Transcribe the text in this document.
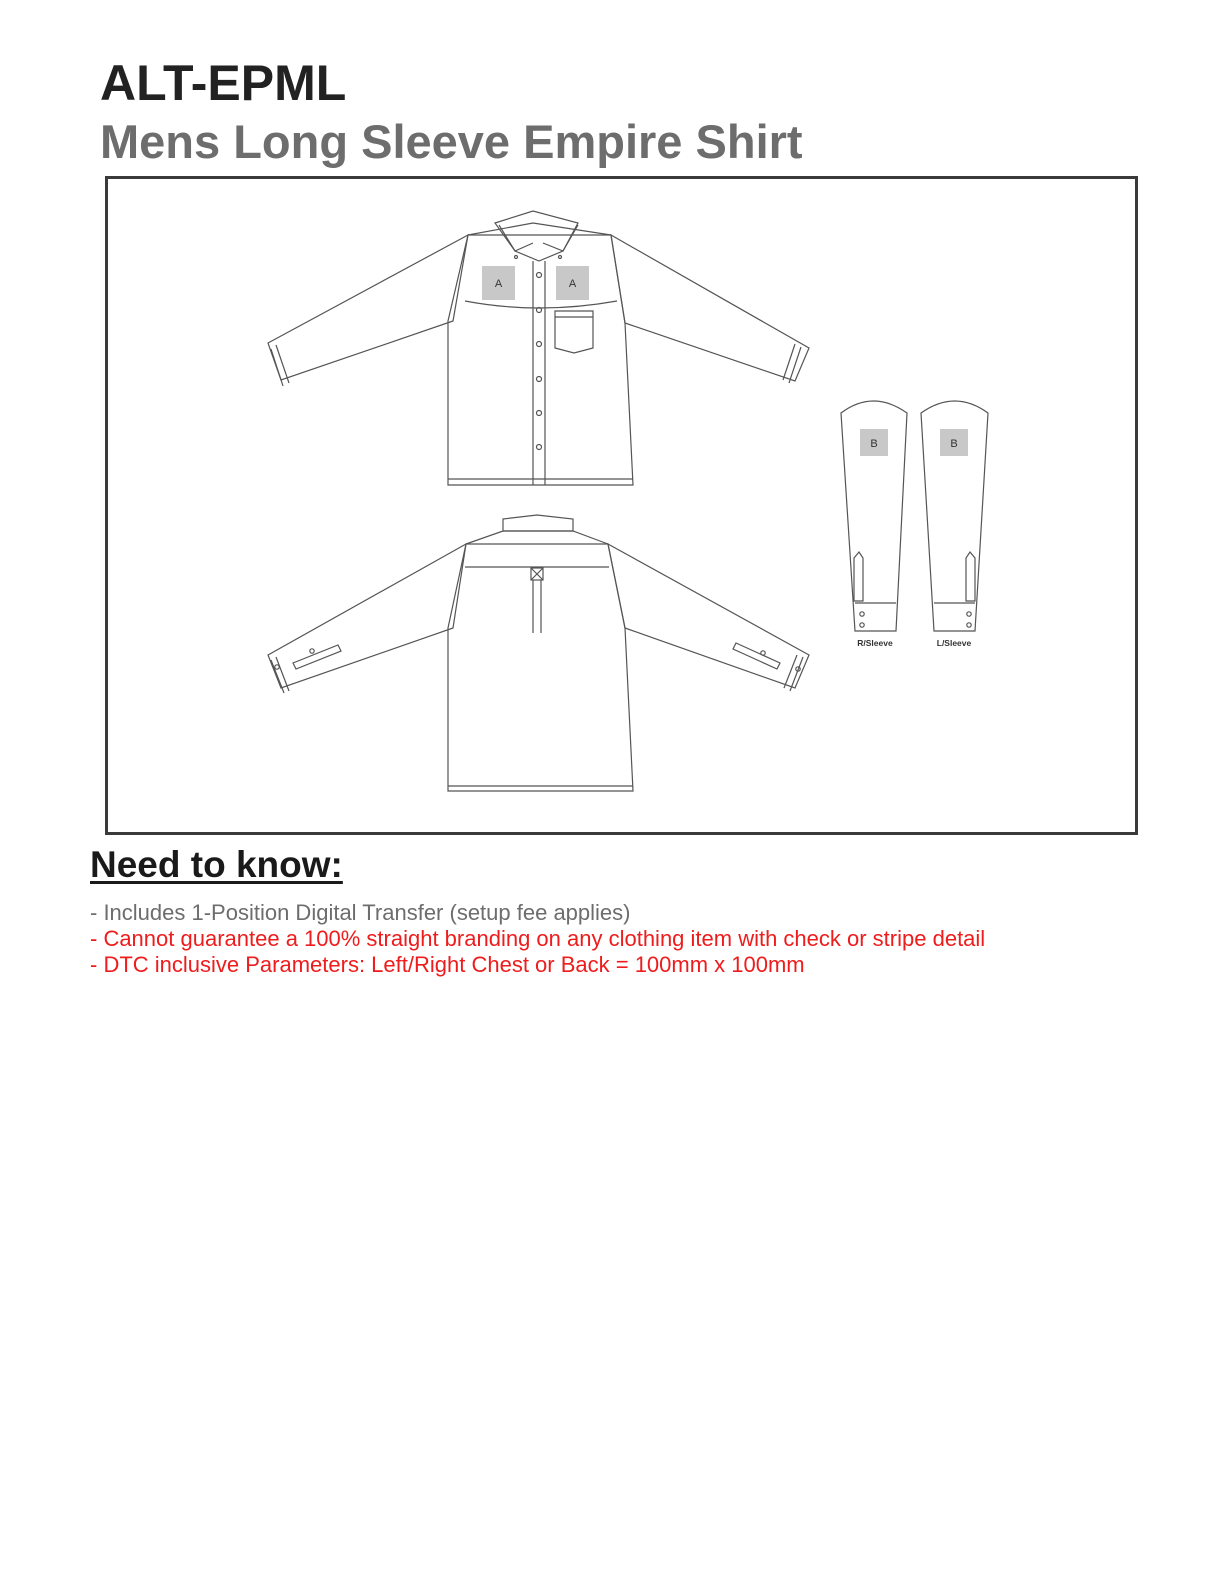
ALT-EPML
Mens Long Sleeve Empire Shirt
A	A
B
R/Sleeve
B
L/Sleeve
Need to know:
- Includes 1-Position Digital Transfer (setup fee applies)
- Cannot guarantee a 100% straight branding on any clothing item with check or stripe detail
- DTC inclusive Parameters: Left/Right Chest or Back = 100mm x 100mm
